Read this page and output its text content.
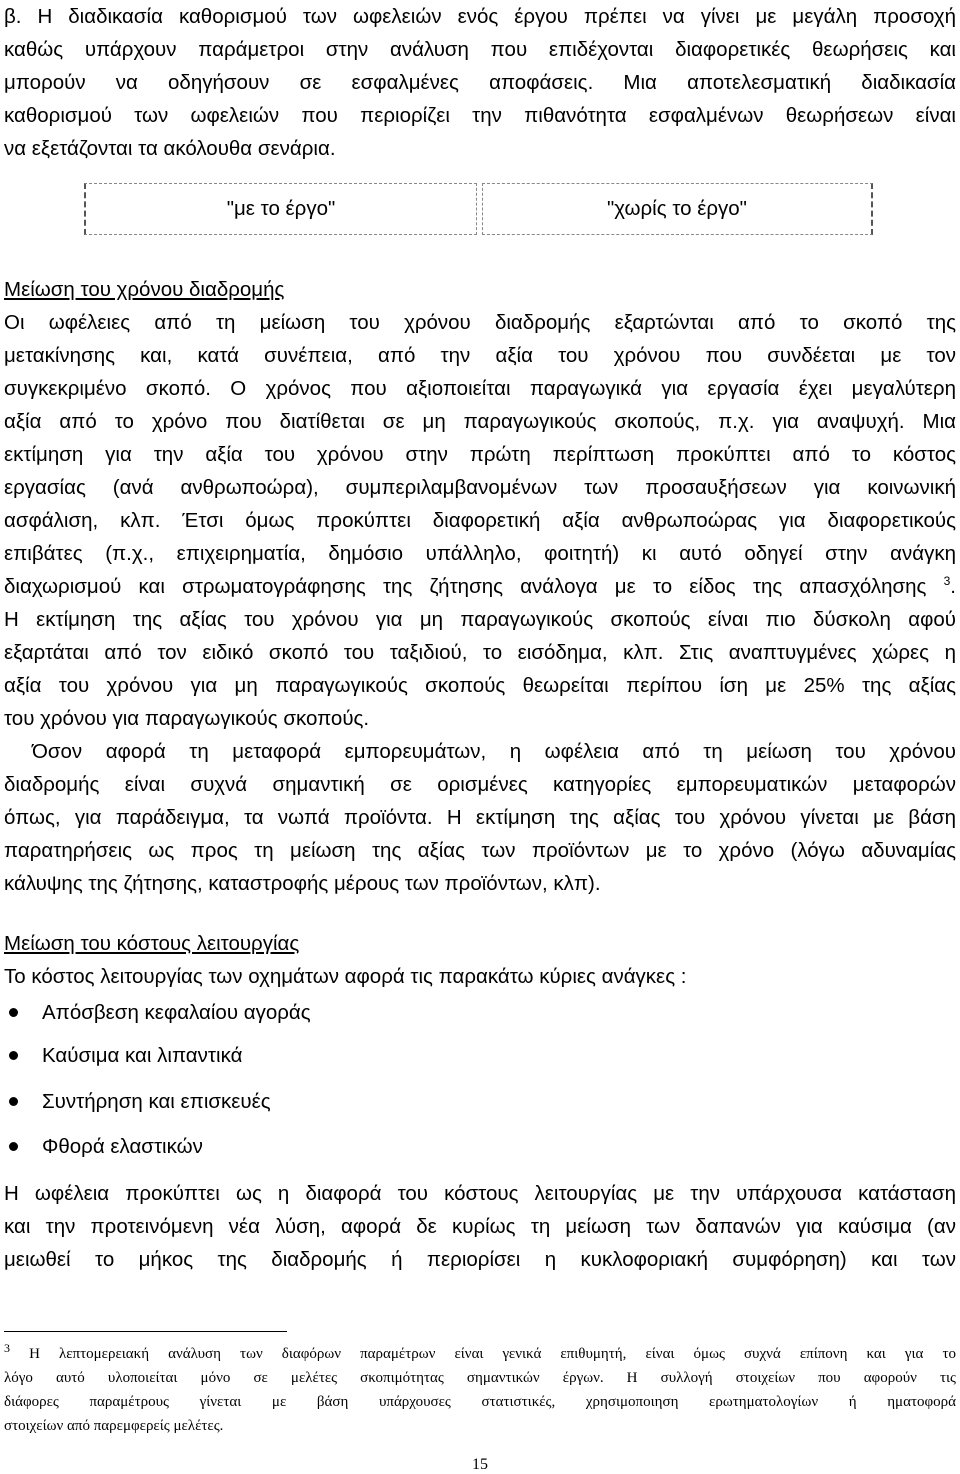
β. Η διαδικασία καθορισμού των ωφελειών ενός έργου πρέπει να γίνει με μεγάλη προσοχή
καθώς υπάρχουν παράμετροι στην ανάλυση που επιδέχονται διαφορετικές θεωρήσεις και
μπορούν να οδηγήσουν σε εσφαλμένες αποφάσεις. Μια αποτελεσματική διαδικασία
καθορισμού των ωφελειών που περιορίζει την πιθανότητα εσφαλμένων θεωρήσεων είναι
να εξετάζονται τα ακόλουθα σενάρια.
"με το έργο"	"χωρίς το έργο"
Μείωση του χρόνου διαδρομής
Οι ωφέλειες από τη μείωση του χρόνου διαδρομής εξαρτώνται από το σκοπό της
μετακίνησης και, κατά συνέπεια, από την αξία του χρόνου που συνδέεται με τον
συγκεκριμένο σκοπό. Ο χρόνος που αξιοποιείται παραγωγικά για εργασία έχει μεγαλύτερη
αξία από το χρόνο που διατίθεται σε μη παραγωγικούς σκοπούς, π.χ. για αναψυχή. Μια
εκτίμηση για την αξία του χρόνου στην πρώτη περίπτωση προκύπτει από το κόστος
εργασίας (ανά ανθρωποώρα), συμπεριλαμβανομένων των προσαυξήσεων για κοινωνική
ασφάλιση, κλπ. Έτσι όμως προκύπτει διαφορετική αξία ανθρωποώρας για διαφορετικούς
επιβάτες (π.χ., επιχειρηματία, δημόσιο υπάλληλο, φοιτητή) κι αυτό οδηγεί στην ανάγκη
διαχωρισμού και στρωματογράφησης της ζήτησης ανάλογα με το είδος της απασχόλησης $^3$.
Η εκτίμηση της αξίας του χρόνου για μη παραγωγικούς σκοπούς είναι πιο δύσκολη αφού
εξαρτάται από τον ειδικό σκοπό του ταξιδιού, το εισόδημα, κλπ. Στις αναπτυγμένες χώρες η
αξία του χρόνου για μη παραγωγικούς σκοπούς θεωρείται περίπου ίση με 25% της αξίας
του χρόνου για παραγωγικούς σκοπούς.
Όσον αφορά τη μεταφορά εμπορευμάτων, η ωφέλεια από τη μείωση του χρόνου
διαδρομής είναι συχνά σημαντική σε ορισμένες κατηγορίες εμπορευματικών μεταφορών
όπως, για παράδειγμα, τα νωπά προϊόντα. Η εκτίμηση της αξίας του χρόνου γίνεται με βάση
παρατηρήσεις ως προς τη μείωση της αξίας των προϊόντων με το χρόνο (λόγω αδυναμίας
κάλυψης της ζήτησης, καταστροφής μέρους των προϊόντων, κλπ).
Μείωση του κόστους λειτουργίας
Το κόστος λειτουργίας των οχημάτων αφορά τις παρακάτω κύριες ανάγκες :
Απόσβεση κεφαλαίου αγοράς
Καύσιμα και λιπαντικά
Συντήρηση και επισκευές
Φθορά ελαστικών
Η ωφέλεια προκύπτει ως η διαφορά του κόστους λειτουργίας με την υπάρχουσα κατάσταση
και την προτεινόμενη νέα λύση, αφορά δε κυρίως τη μείωση των δαπανών για καύσιμα (αν
μειωθεί το μήκος της διαδρομής ή περιορίσει η κυκλοφοριακή συμφόρηση) και των
$^3$ Η λεπτομερειακή ανάλυση των διαφόρων παραμέτρων είναι γενικά επιθυμητή, είναι όμως συχνά επίπονη και για το
λόγο αυτό υλοποιείται μόνο σε μελέτες σκοπιμότητας σημαντικών έργων. Η συλλογή στοιχείων που αφορούν τις
διάφορες παραμέτρους γίνεται με βάση υπάρχουσες στατιστικές, χρησιμοποιηση ερωτηματολογίων ή ηματοφορά
στοιχείων από παρεμφερείς μελέτες.
15
